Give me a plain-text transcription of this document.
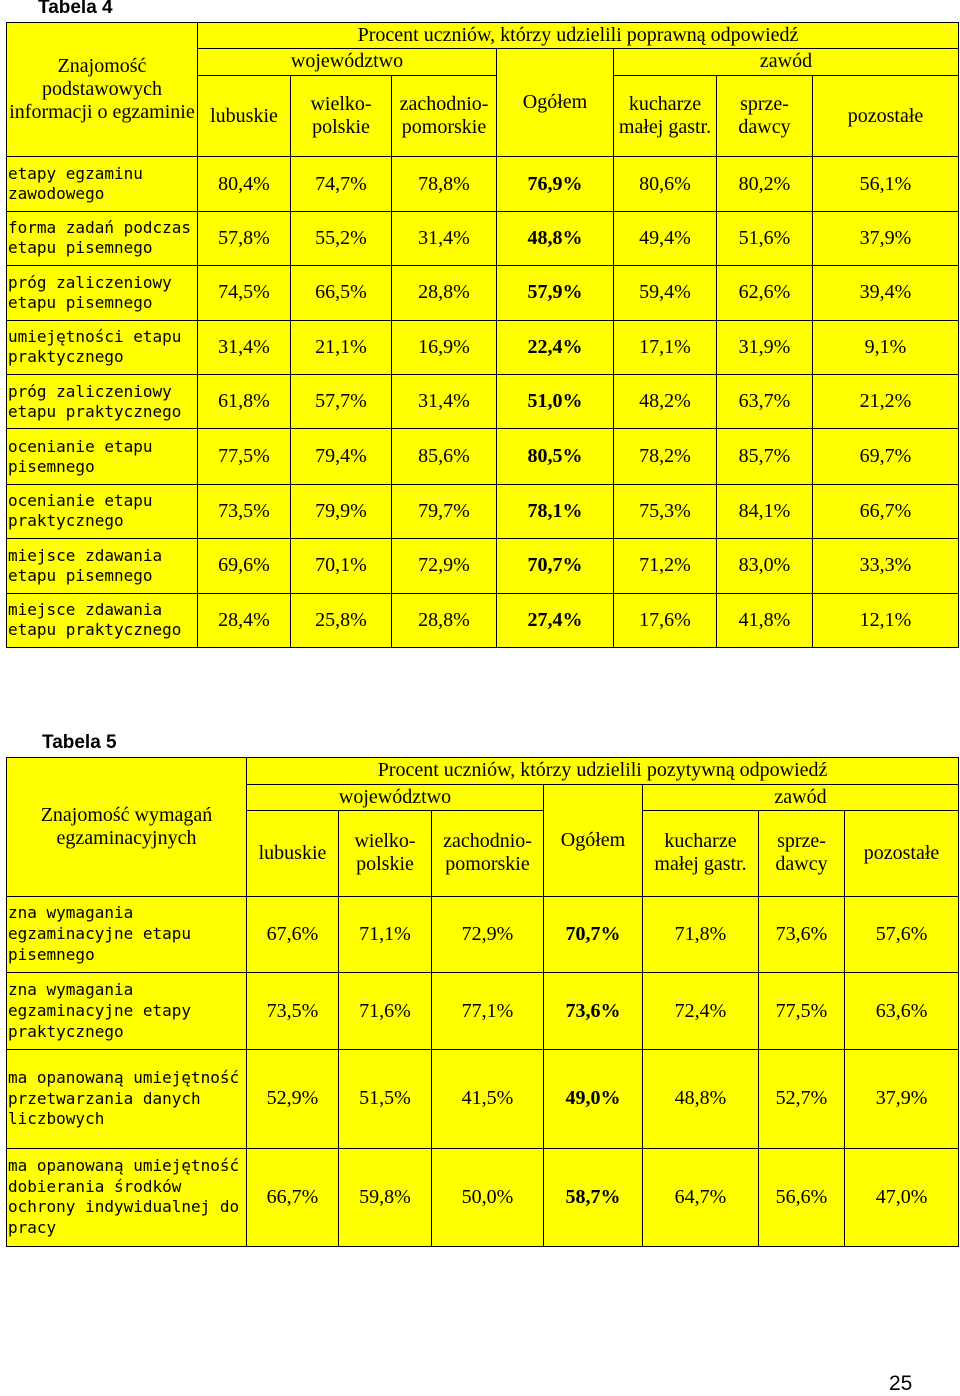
Tabela 4
Znajomość podstawowych informacji o egzaminie	Procent uczniów, którzy udzielili poprawną odpowiedź						
	województwo			Ogółem	zawód		
	lubuskie	wielko-polskie	zachodnio-pomorskie		kucharze małej gastr.	sprze-dawcy	pozostałe
etapy egzaminu zawodowego	80,4%	74,7%	78,8%	76,9%	80,6%	80,2%	56,1%
forma zadań podczas etapu pisemnego	57,8%	55,2%	31,4%	48,8%	49,4%	51,6%	37,9%
próg zaliczeniowy etapu pisemnego	74,5%	66,5%	28,8%	57,9%	59,4%	62,6%	39,4%
umiejętności etapu praktycznego	31,4%	21,1%	16,9%	22,4%	17,1%	31,9%	9,1%
próg zaliczeniowy etapu praktycznego	61,8%	57,7%	31,4%	51,0%	48,2%	63,7%	21,2%
ocenianie etapu pisemnego	77,5%	79,4%	85,6%	80,5%	78,2%	85,7%	69,7%
ocenianie etapu praktycznego	73,5%	79,9%	79,7%	78,1%	75,3%	84,1%	66,7%
miejsce zdawania etapu pisemnego	69,6%	70,1%	72,9%	70,7%	71,2%	83,0%	33,3%
miejsce zdawania etapu praktycznego	28,4%	25,8%	28,8%	27,4%	17,6%	41,8%	12,1%
Tabela 5
Znajomość wymagań egzaminacyjnych	Procent uczniów, którzy udzielili pozytywną odpowiedź						
	województwo			Ogółem	zawód		
	lubuskie	wielko-polskie	zachodnio-pomorskie		kucharze małej gastr.	sprze-dawcy	pozostałe
zna wymagania egzaminacyjne etapu pisemnego	67,6%	71,1%	72,9%	70,7%	71,8%	73,6%	57,6%
zna wymagania egzaminacyjne etapy praktycznego	73,5%	71,6%	77,1%	73,6%	72,4%	77,5%	63,6%
ma opanowaną umiejętność przetwarzania danych liczbowych	52,9%	51,5%	41,5%	49,0%	48,8%	52,7%	37,9%
ma opanowaną umiejętność dobierania środków ochrony indywidualnej do pracy	66,7%	59,8%	50,0%	58,7%	64,7%	56,6%	47,0%
25
